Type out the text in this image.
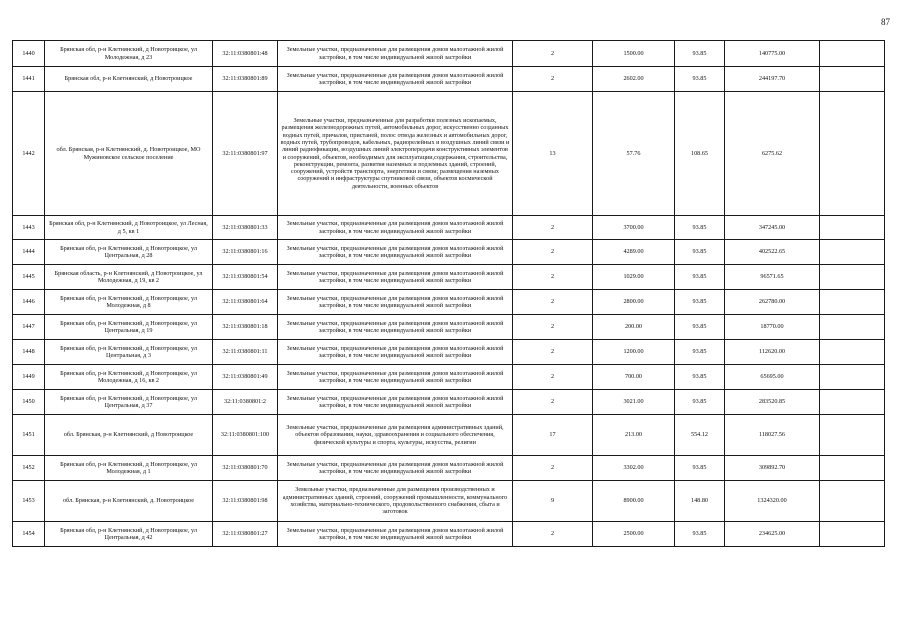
87
1440	Брянская обл, р-н Клетнянский, д Новотроицкое, ул Молодежная, д 23	32:11:0380801:48	Земельные участки, предназначенные для размещения домов малоэтажной жилой застройки, в том числе индивидуальной жилой застройки	2	1500.00	93.85	140775.00	
1441	Брянская обл, р-н Клетнянский, д Новотроицкое	32:11:0380801:89	Земельные участки, предназначенные для размещения домов малоэтажной жилой застройки, в том числе индивидуальной жилой застройки	2	2602.00	93.85	244197.70	
1442	обл. Брянская, р-н Клетнянский, д. Новотроицкое, МО Мужиновское сельское поселение	32:11:0380801:97	Земельные участки, предназначенные для разработки полезных ископаемых, размещения железнодорожных путей, автомобильных дорог, искусственно созданных водных путей, причалов, пристаней, полос отвода железных и автомобильных дорог, водных путей, трубопроводов, кабельных, радиорелейных и воздушных линий связи и линий радиофикации, воздушных линий электропередачи конструктивных элементов и сооружений, объектов, необходимых для эксплуатации,содержания, строительства, реконструкции, ремонта, развития наземных и подземных зданий, строений, сооружений, устройств транспорта, энергетики и связи; размещения наземных сооружений и инфраструктуры спутниковой связи, объектов космической деятельности, военных объектов	13	57.76	108.65	6275.62	
1443	Брянская обл, р-н Клетнянский, д Новотроицкое, ул Лесная, д 5, кв 1	32:11:0380801:33	Земельные участки, предназначенные для размещения домов малоэтажной жилой застройки, в том числе индивидуальной жилой застройки	2	3700.00	93.85	347245.00	
1444	Брянская обл, р-н Клетнянский, д Новотроицкое, ул Центральная, д 28	32:11:0380801:16	Земельные участки, предназначенные для размещения домов малоэтажной жилой застройки, в том числе индивидуальной жилой застройки	2	4289.00	93.85	402522.65	
1445	Брянская область, р-н Клетнянский, д Новотроицкое, ул Молодежная, д 19, кв 2	32:11:0380801:54	Земельные участки, предназначенные для размещения домов малоэтажной жилой застройки, в том числе индивидуальной жилой застройки	2	1029.00	93.85	96571.65	
1446	Брянская обл, р-н Клетнянский, д Новотроицкое, ул Молодежная, д 8	32:11:0380801:64	Земельные участки, предназначенные для размещения домов малоэтажной жилой застройки, в том числе индивидуальной жилой застройки	2	2800.00	93.85	262780.00	
1447	Брянская обл, р-н Клетнянский, д Новотроицкое, ул Центральная, д 19	32:11:0380801:18	Земельные участки, предназначенные для размещения домов малоэтажной жилой застройки, в том числе индивидуальной жилой застройки	2	200.00	93.85	18770.00	
1448	Брянская обл, р-н Клетнянский, д Новотроицкое, ул Центральная, д 3	32:11:0380801:11	Земельные участки, предназначенные для размещения домов малоэтажной жилой застройки, в том числе индивидуальной жилой застройки	2	1200.00	93.85	112620.00	
1449	Брянская обл, р-н Клетнянский, д Новотроицкое, ул Молодежная, д 16, кв 2	32:11:0380801:49	Земельные участки, предназначенные для размещения домов малоэтажной жилой застройки, в том числе индивидуальной жилой застройки	2	700.00	93.85	65695.00	
1450	Брянская обл, р-н Клетнянский, д Новотроицкое, ул Центральная, д 37	32:11:0380801:2	Земельные участки, предназначенные для размещения домов малоэтажной жилой застройки, в том числе индивидуальной жилой застройки	2	3021.00	93.85	283520.85	
1451	обл. Брянская, р-н Клетнянский, д Новотроицкое	32:11:0380801:100	Земельные участки, предназначенные для размещения административных зданий, объектов образования, науки, здравоохранения и социального обеспечения, физической культуры и спорта, культуры, искусства, религии	17	213.00	554.12	118027.56	
1452	Брянская обл, р-н Клетнянский, д Новотроицкое, ул Молодежная, д 1	32:11:0380801:70	Земельные участки, предназначенные для размещения домов малоэтажной жилой застройки, в том числе индивидуальной жилой застройки	2	3302.00	93.85	309892.70	
1453	обл. Брянская, р-н Клетнянский, д. Новотроицкое	32:11:0380801:98	Земельные участки, предназначенные для размещения производственных и административных зданий, строений, сооружений промышленности, коммунального хозяйства, материально-технического, продовольственного снабжения, сбыта и заготовок	9	8900.00	148.80	1324320.00	
1454	Брянская обл, р-н Клетнянский, д Новотроицкое, ул Центральная, д 42	32:11:0380801:27	Земельные участки, предназначенные для размещения домов малоэтажной жилой застройки, в том числе индивидуальной жилой застройки	2	2500.00	93.85	234625.00	
